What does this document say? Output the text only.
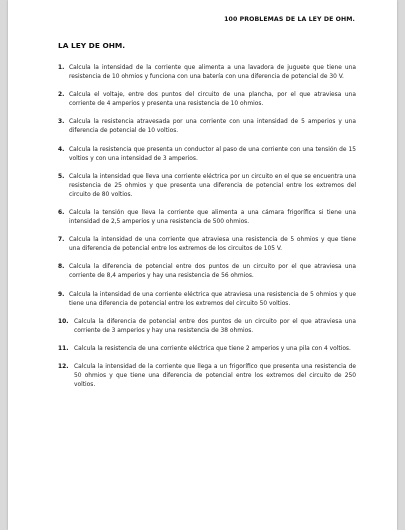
100 PROBLEMAS DE LA LEY DE OHM.
LA LEY DE OHM.
1. Calcula la intensidad de la corriente que alimenta a una lavadora de juguete que tiene una resistencia de 10 ohmios y funciona con una batería con una diferencia de potencial de 30 V.
2. Calcula el voltaje, entre dos puntos del circuito de una plancha, por el que atraviesa una corriente de 4 amperios y presenta una resistencia de 10 ohmios.
3. Calcula la resistencia atravesada por una corriente con una intensidad de 5 amperios y una diferencia de potencial de 10 voltios.
4. Calcula la resistencia que presenta un conductor al paso de una corriente con una tensión de 15 voltios y con una intensidad de 3 amperios.
5. Calcula la intensidad que lleva una corriente eléctrica por un circuito en el que se encuentra una resistencia de 25 ohmios y que presenta una diferencia de potencial entre los extremos del circuito de 80 voltios.
6. Calcula la tensión que lleva la corriente que alimenta a una cámara frigorífica si tiene una intensidad de 2,5 amperios y una resistencia de 500 ohmios.
7. Calcula la intensidad de una corriente que atraviesa una resistencia de 5 ohmios y que tiene una diferencia de potencial entre los extremos de los circuitos de 105 V.
8. Calcula la diferencia de potencial entre dos puntos de un circuito por el que atraviesa una corriente de 8,4 amperios y hay una resistencia de 56 ohmios.
9. Calcula la intensidad de una corriente eléctrica que atraviesa una resistencia de 5 ohmios y que tiene una diferencia de potencial entre los extremos del circuito 50 voltios.
10. Calcula la diferencia de potencial entre dos puntos de un circuito por el que atraviesa una corriente de 3 amperios y hay una resistencia de 38 ohmios.
11. Calcula la resistencia de una corriente eléctrica que tiene 2 amperios y una pila con 4 voltios.
12. Calcula la intensidad de la corriente que llega a un frigorífico que presenta una resistencia de 50 ohmios y que tiene una diferencia de potencial entre los extremos del circuito de 250 voltios.
